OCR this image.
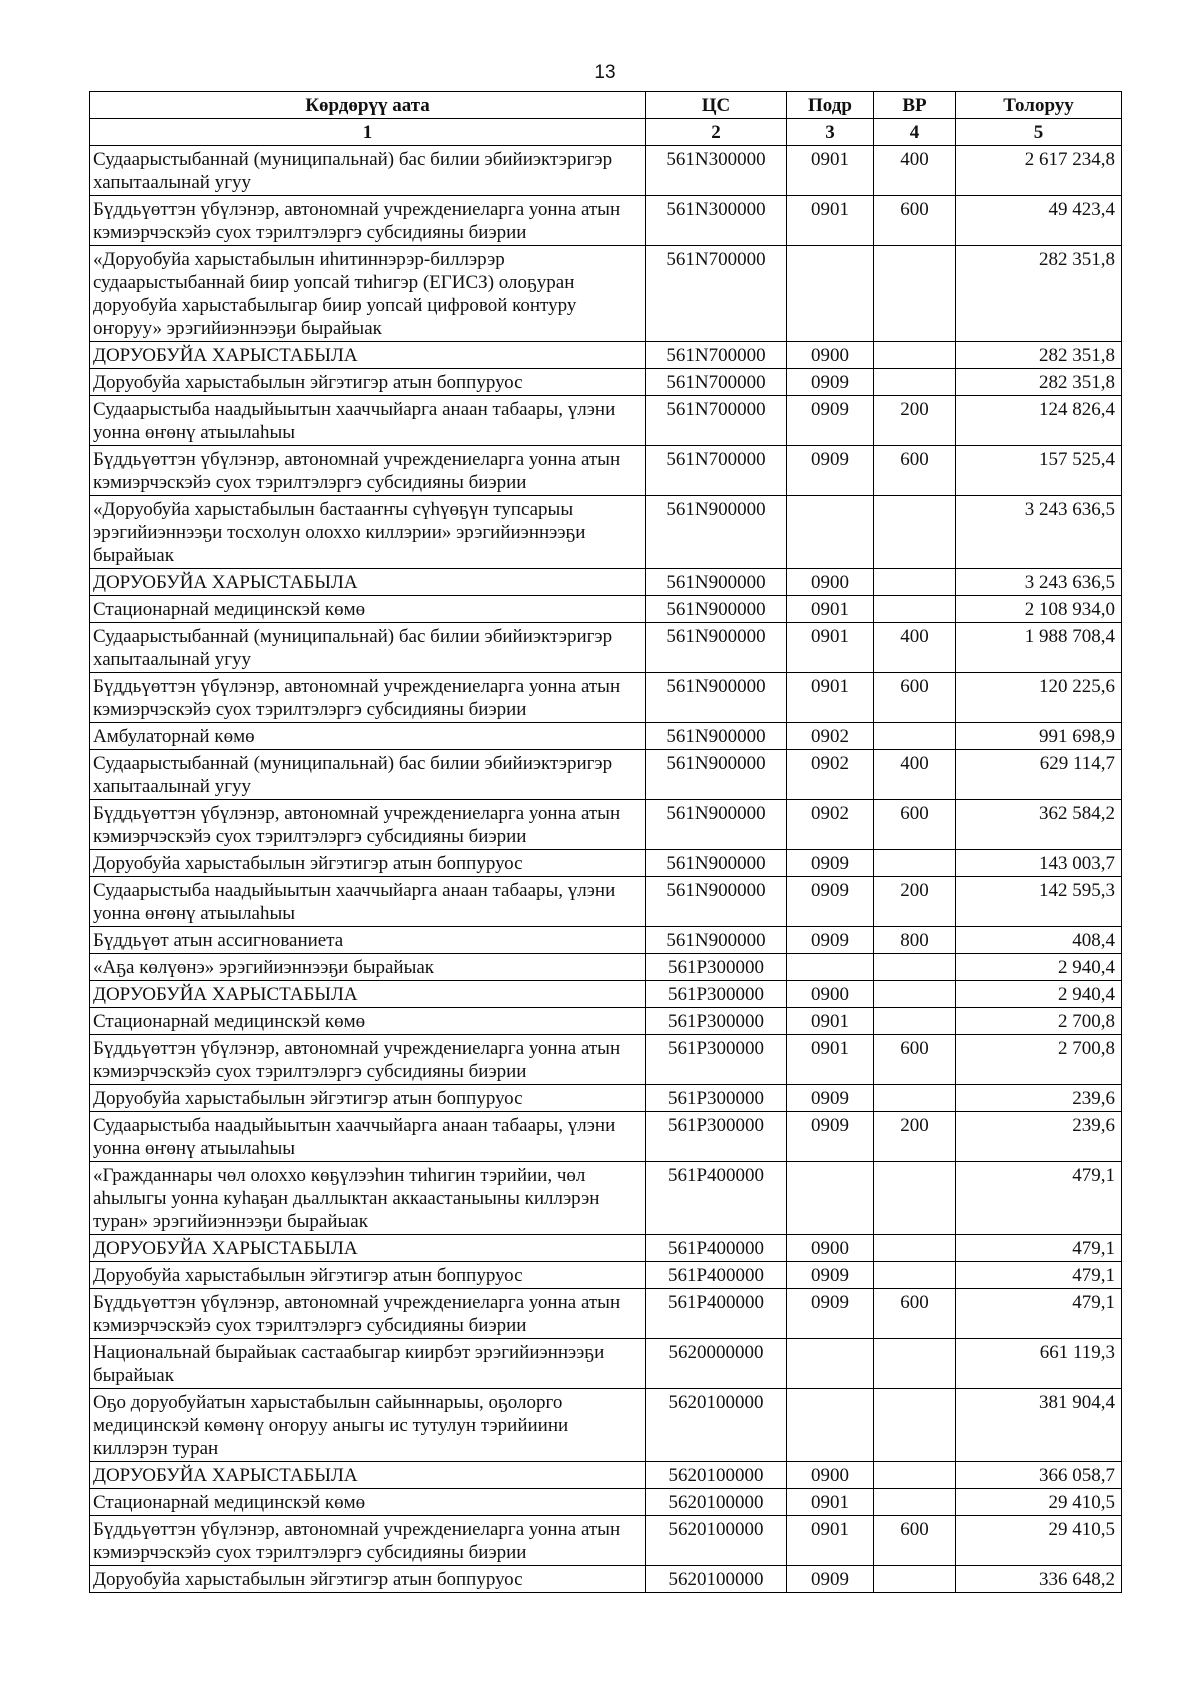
13
Көрдөрүү аата	ЦС	Подр	ВР	Толоруу
1	2	3	4	5
Судаарыстыбаннай (муниципальнай) бас билии эбийиэктэригэр
хапытаалынай угуу	561N300000	0901	400	2 617 234,8
Бүддьүөттэн үбүлэнэр, автономнай учреждениеларга уонна атын
кэмиэрчэскэйэ суох тэрилтэлэргэ субсидияны биэрии	561N300000	0901	600	49 423,4
«Доруобуйа харыстабылын иһитиннэрэр-биллэрэр
судаарыстыбаннай биир уопсай тиһигэр (ЕГИСЗ) олоҕуран
доруобуйа харыстабылыгар биир уопсай цифровой контуру
оҥоруу» эрэгийиэннээҕи бырайыак	561N700000			282 351,8
ДОРУОБУЙА ХАРЫСТАБЫЛА	561N700000	0900		282 351,8
Доруобуйа харыстабылын эйгэтигэр атын боппуруос	561N700000	0909		282 351,8
Судаарыстыба наадыйыытын хааччыйарга анаан табаары, үлэни
уонна өҥөнү атыылаһыы	561N700000	0909	200	124 826,4
Бүддьүөттэн үбүлэнэр, автономнай учреждениеларга уонна атын
кэмиэрчэскэйэ суох тэрилтэлэргэ субсидияны биэрии	561N700000	0909	600	157 525,4
«Доруобуйа харыстабылын бастааҥҥы сүһүөҕүн тупсарыы
эрэгийиэннээҕи тосхолун олоххо киллэрии» эрэгийиэннээҕи
бырайыак	561N900000			3 243 636,5
ДОРУОБУЙА ХАРЫСТАБЫЛА	561N900000	0900		3 243 636,5
Стационарнай медицинскэй көмө	561N900000	0901		2 108 934,0
Судаарыстыбаннай (муниципальнай) бас билии эбийиэктэригэр
хапытаалынай угуу	561N900000	0901	400	1 988 708,4
Бүддьүөттэн үбүлэнэр, автономнай учреждениеларга уонна атын
кэмиэрчэскэйэ суох тэрилтэлэргэ субсидияны биэрии	561N900000	0901	600	120 225,6
Амбулаторнай көмө	561N900000	0902		991 698,9
Судаарыстыбаннай (муниципальнай) бас билии эбийиэктэригэр
хапытаалынай угуу	561N900000	0902	400	629 114,7
Бүддьүөттэн үбүлэнэр, автономнай учреждениеларга уонна атын
кэмиэрчэскэйэ суох тэрилтэлэргэ субсидияны биэрии	561N900000	0902	600	362 584,2
Доруобуйа харыстабылын эйгэтигэр атын боппуруос	561N900000	0909		143 003,7
Судаарыстыба наадыйыытын хааччыйарга анаан табаары, үлэни
уонна өҥөнү атыылаһыы	561N900000	0909	200	142 595,3
Бүддьүөт атын ассигнованиета	561N900000	0909	800	408,4
«Аҕа көлүөнэ» эрэгийиэннээҕи бырайыак	561P300000			2 940,4
ДОРУОБУЙА ХАРЫСТАБЫЛА	561P300000	0900		2 940,4
Стационарнай медицинскэй көмө	561P300000	0901		2 700,8
Бүддьүөттэн үбүлэнэр, автономнай учреждениеларга уонна атын
кэмиэрчэскэйэ суох тэрилтэлэргэ субсидияны биэрии	561P300000	0901	600	2 700,8
Доруобуйа харыстабылын эйгэтигэр атын боппуруос	561P300000	0909		239,6
Судаарыстыба наадыйыытын хааччыйарга анаан табаары, үлэни
уонна өҥөнү атыылаһыы	561P300000	0909	200	239,6
«Гражданнары чөл олоххо көҕүлээһин тиһигин тэрийии, чөл
аһылыгы уонна куһаҕан дьаллыктан аккаастаныыны киллэрэн
туран» эрэгийиэннээҕи бырайыак	561P400000			479,1
ДОРУОБУЙА ХАРЫСТАБЫЛА	561P400000	0900		479,1
Доруобуйа харыстабылын эйгэтигэр атын боппуруос	561P400000	0909		479,1
Бүддьүөттэн үбүлэнэр, автономнай учреждениеларга уонна атын
кэмиэрчэскэйэ суох тэрилтэлэргэ субсидияны биэрии	561P400000	0909	600	479,1
Национальнай бырайыак састаабыгар киирбэт эрэгийиэннээҕи
бырайыак	5620000000			661 119,3
Оҕо доруобуйатын харыстабылын сайыннарыы, оҕолорго
медицинскэй көмөнү оҥоруу аныгы ис тутулун тэрийиини
киллэрэн туран	5620100000			381 904,4
ДОРУОБУЙА ХАРЫСТАБЫЛА	5620100000	0900		366 058,7
Стационарнай медицинскэй көмө	5620100000	0901		29 410,5
Бүддьүөттэн үбүлэнэр, автономнай учреждениеларга уонна атын
кэмиэрчэскэйэ суох тэрилтэлэргэ субсидияны биэрии	5620100000	0901	600	29 410,5
Доруобуйа харыстабылын эйгэтигэр атын боппуруос	5620100000	0909		336 648,2
